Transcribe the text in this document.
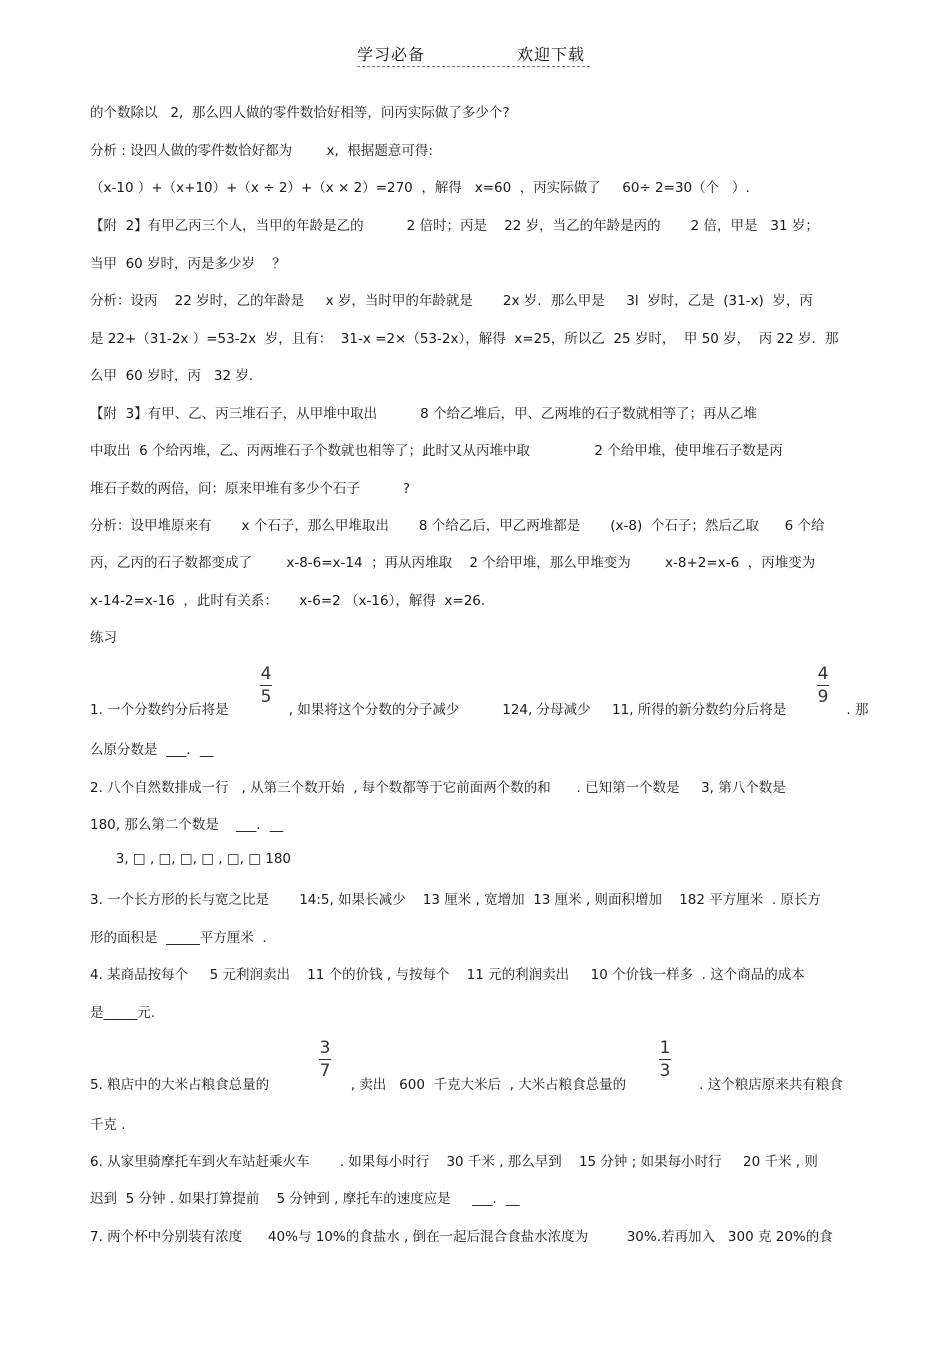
学习必备	欢迎下载
的个数除以   2,  那么四人做的零件数恰好相等，问丙实际做了多少个?
分析 : 设四人做的零件数恰好都为        x,  根据题意可得:
（x-10 ）+（x+10）+（x ÷ 2）+（x × 2）=270  ，解得   x=60  ，丙实际做了     60÷ 2=30（个   ）.
【附  2】有甲乙丙三个人，当甲的年龄是乙的          2 倍时；丙是    22 岁，当乙的年龄是丙的       2 倍，甲是   31 岁；
当甲  60 岁时，丙是多少岁    ？
分析：设丙    22 岁时，乙的年龄是     x 岁，当时甲的年龄就是       2x 岁．那么甲是     3l  岁时，乙是  (31-x)  岁，丙
是 22+（31-2x ）=53-2x  岁，且有：  31-x =2×（53-2x），解得  x=25，所以乙  25 岁时，  甲 50 岁，  丙 22 岁．那
么甲  60 岁时，丙   32 岁.
【附  3】有甲、乙、丙三堆石子，从甲堆中取出          8 个给乙堆后，甲、乙两堆的石子数就相等了；再从乙堆
中取出  6 个给丙堆，乙、丙两堆石子个数就也相等了；此时又从丙堆中取               2 个给甲堆，使甲堆石子数是丙
堆石子数的两倍，问：原来甲堆有多少个石子          ?
分析：设甲堆原来有       x 个石子，那么甲堆取出       8 个给乙后，甲乙两堆都是       (x-8)  个石子；然后乙取      6 个给
丙，乙丙的石子数都变成了        x-8-6=x-14  ；再从丙堆取    2 个给甲堆，那么甲堆变为        x-8+2=x-6  ，丙堆变为
x-14-2=x-16  ，此时有关系：     x-6=2 （x-16），解得  x=26.
练习
1. 一个分数约分后将是              , 如果将这个分数的分子减少          124, 分母减少     11, 所得的新分数约分后将是              . 那
么原分数是  ___．__
2. 八个自然数排成一行   , 从第三个数开始  , 每个数都等于它前面两个数的和      . 已知第一个数是     3, 第八个数是
180, 那么第二个数是    ___．__
3, □ , □, □, □ , □, □ 180
3. 一个长方形的长与宽之比是       14:5, 如果长减少    13 厘米 , 宽增加  13 厘米 , 则面积增加    182 平方厘米  . 原长方
形的面积是  _____平方厘米  .
4. 某商品按每个     5 元利润卖出    11 个的价钱 , 与按每个    11 元的利润卖出     10 个价钱一样多  . 这个商品的成本
是_____元.
5. 粮店中的大米占粮食总量的                   , 卖出   600  千克大米后  , 大米占粮食总量的                 . 这个粮店原来共有粮食
千克 .
6. 从家里骑摩托车到火车站赶乘火车       . 如果每小时行    30 千米 , 那么早到    15 分钟 ; 如果每小时行     20 千米 , 则
迟到  5 分钟 . 如果打算提前    5 分钟到 , 摩托车的速度应是     ___．__
7. 两个杯中分别装有浓度      40%与 10%的食盐水 , 倒在一起后混合食盐水浓度为         30%.若再加入   300 克 20%的食
4
5
4
9
3
7
1
3
